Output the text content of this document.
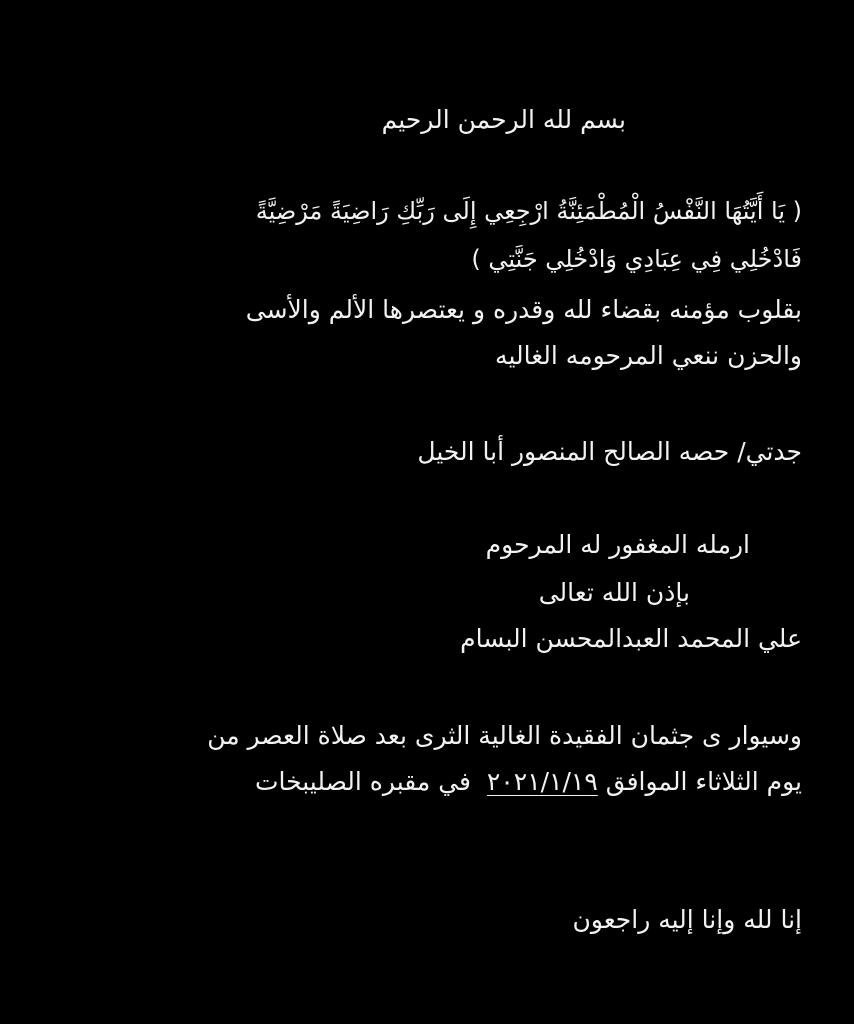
بسم لله الرحمن الرحيم

( يَا أَيَّتُهَا النَّفْسُ الْمُطْمَئِنَّةُ ارْجِعِي إِلَى رَبِّكِ رَاضِيَةً مَرْضِيَّةً

فَادْخُلِي فِي عِبَادِي وَادْخُلِي جَنَّتِي )

بقلوب مؤمنه بقضاء لله وقدره و يعتصرها الألم والأسى

والحزن ننعي المرحومه الغاليه

جدتي/ حصه الصالح المنصور أبا الخيل

ارمله المغفور له المرحوم

بإذن الله تعالى

علي المحمد العبدالمحسن البسام

وسيوار ى جثمان الفقيدة الغالية الثرى بعد صلاة العصر من

يوم الثلاثاء الموافق ٢٠٢١/١/١٩  في مقبره الصليبخات

إنا لله وإنا إليه راجعون
